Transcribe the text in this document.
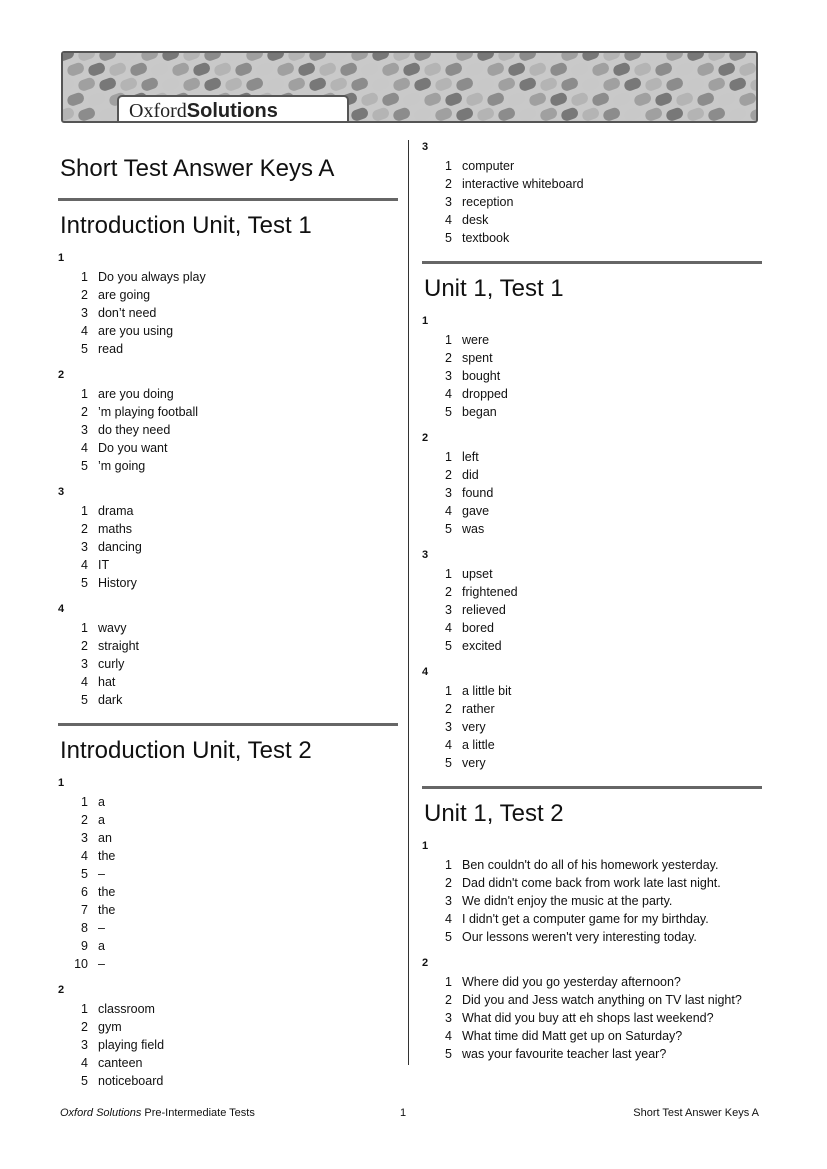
OxfordSolutions
Short Test Answer Keys A
Introduction Unit, Test 1
1
1 Do you always play
2 are going
3 don’t need
4 are you using
5 read
2
1 are you doing
2 ’m playing football
3 do they need
4 Do you want
5 ’m going
3
1 drama
2 maths
3 dancing
4 IT
5 History
4
1 wavy
2 straight
3 curly
4 hat
5 dark
Introduction Unit, Test 2
1
1 a
2 a
3 an
4 the
5 –
6 the
7 the
8 –
9 a
10 –
2
1 classroom
2 gym
3 playing field
4 canteen
5 noticeboard
3
1 computer
2 interactive whiteboard
3 reception
4 desk
5 textbook
Unit 1, Test 1
1
1 were
2 spent
3 bought
4 dropped
5 began
2
1 left
2 did
3 found
4 gave
5 was
3
1 upset
2 frightened
3 relieved
4 bored
5 excited
4
1 a little bit
2 rather
3 very
4 a little
5 very
Unit 1, Test 2
1
1 Ben couldn't do all of his homework yesterday.
2 Dad didn't come back from work late last night.
3 We didn't enjoy the music at the party.
4 I didn't get a computer game for my birthday.
5 Our lessons weren't very interesting today.
2
1 Where did you go yesterday afternoon?
2 Did you and Jess watch anything on TV last night?
3 What did you buy att eh shops last weekend?
4 What time did Matt get up on Saturday?
5 was your favourite teacher last year?
Oxford Solutions Pre-Intermediate Tests	1	Short Test Answer Keys A
